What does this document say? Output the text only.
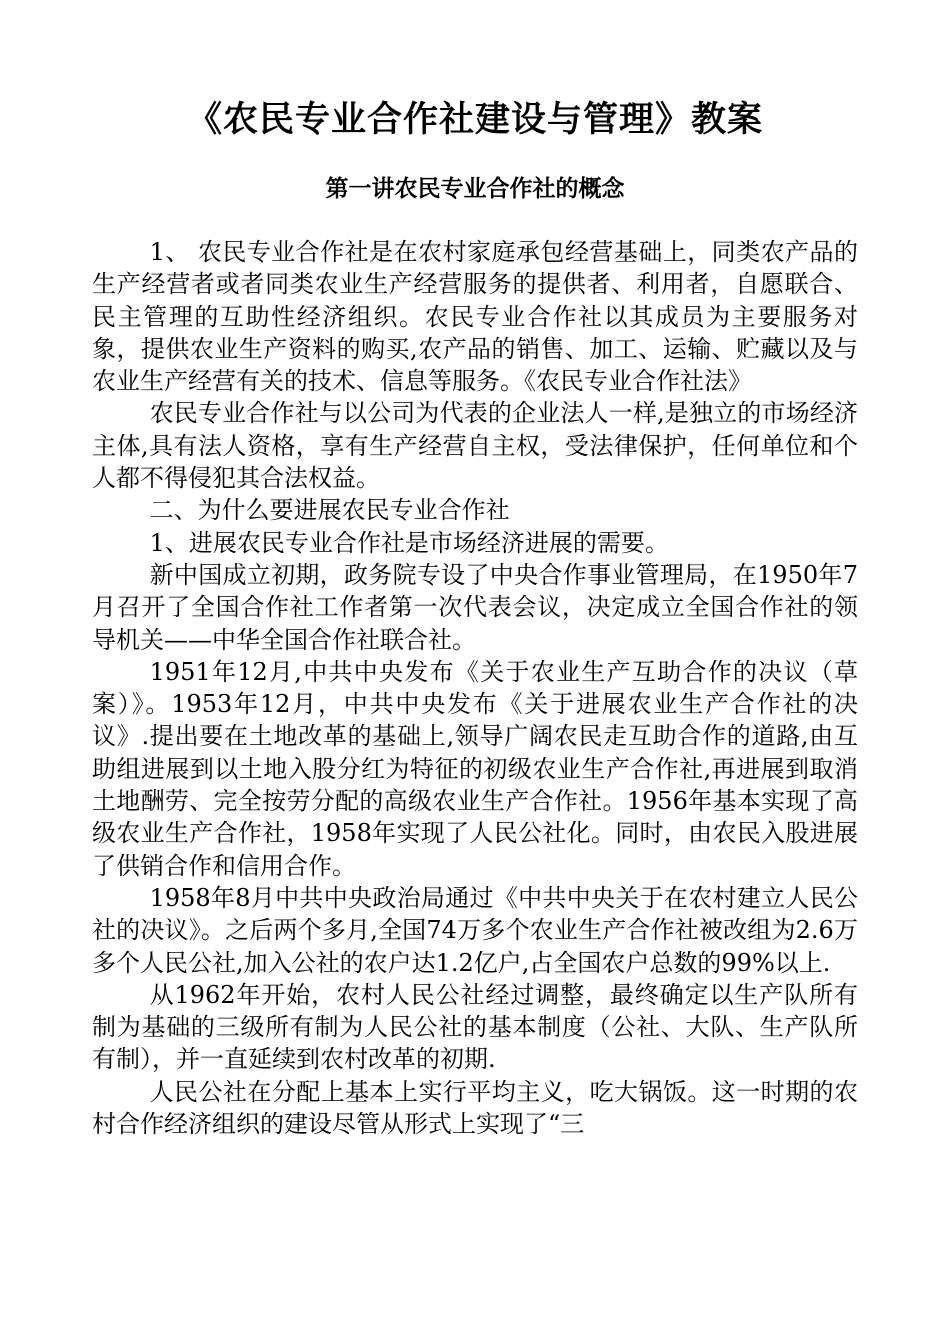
《农民专业合作社建设与管理》教案
第一讲农民专业合作社的概念

1、 农民专业合作社是在农村家庭承包经营基础上，同类农产品的生产经营者或者同类农业生产经营服务的提供者、利用者，自愿联合、民主管理的互助性经济组织。农民专业合作社以其成员为主要服务对象，提供农业生产资料的购买,农产品的销售、加工、运输、贮藏以及与农业生产经营有关的技术、信息等服务。《农民专业合作社法》

农民专业合作社与以公司为代表的企业法人一样,是独立的市场经济主体,具有法人资格，享有生产经营自主权，受法律保护，任何单位和个人都不得侵犯其合法权益。

二、为什么要进展农民专业合作社

1、进展农民专业合作社是市场经济进展的需要。

新中国成立初期，政务院专设了中央合作事业管理局，在1950年7月召开了全国合作社工作者第一次代表会议，决定成立全国合作社的领导机关——中华全国合作社联合社。

1951年12月,中共中央发布《关于农业生产互助合作的决议（草案）》。1953年12月，中共中央发布《关于进展农业生产合作社的决议》.提出要在土地改革的基础上,领导广阔农民走互助合作的道路,由互助组进展到以土地入股分红为特征的初级农业生产合作社,再进展到取消土地酬劳、完全按劳分配的高级农业生产合作社。1956年基本实现了高级农业生产合作社，1958年实现了人民公社化。同时，由农民入股进展了供销合作和信用合作。

1958年8月中共中央政治局通过《中共中央关于在农村建立人民公社的决议》。之后两个多月,全国74万多个农业生产合作社被改组为2.6万多个人民公社,加入公社的农户达1.2亿户,占全国农户总数的99%以上.

从1962年开始，农村人民公社经过调整，最终确定以生产队所有制为基础的三级所有制为人民公社的基本制度（公社、大队、生产队所有制），并一直延续到农村改革的初期.

人民公社在分配上基本上实行平均主义，吃大锅饭。这一时期的农村合作经济组织的建设尽管从形式上实现了“三
